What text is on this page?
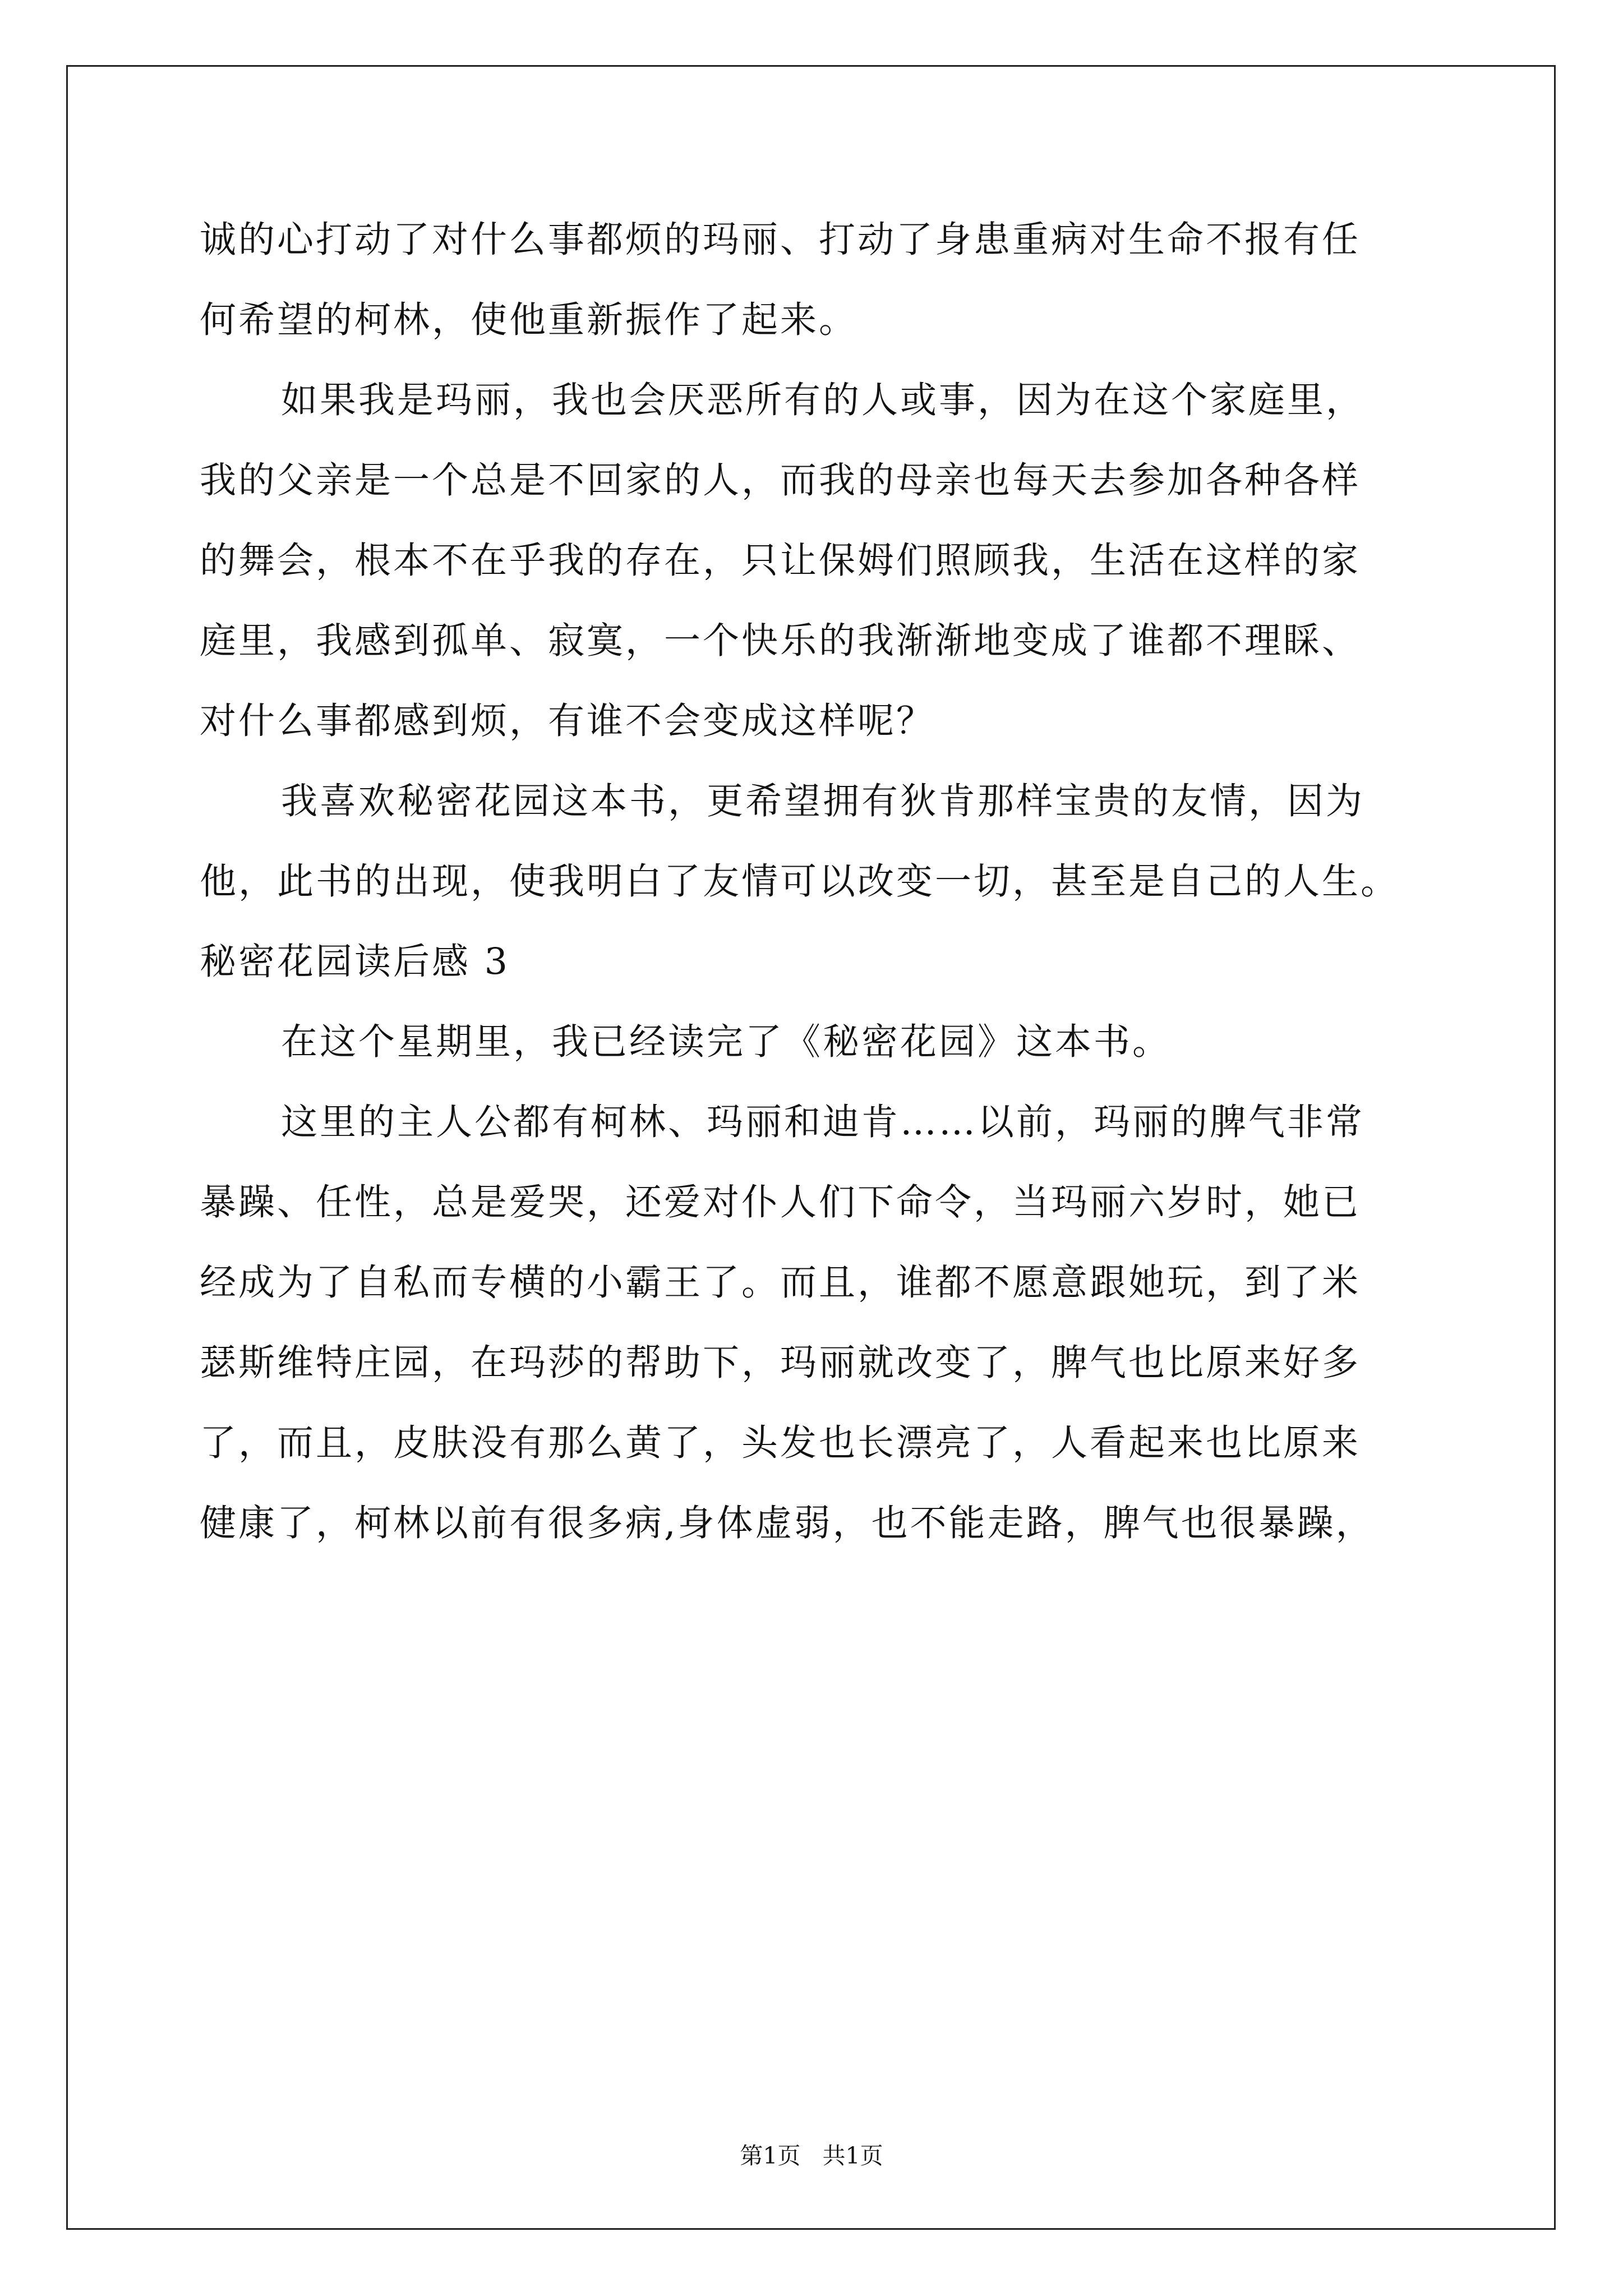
诚的心打动了对什么事都烦的玛丽、打动了身患重病对生命不报有任
何希望的柯林，使他重新振作了起来。
如果我是玛丽，我也会厌恶所有的人或事，因为在这个家庭里，
我的父亲是一个总是不回家的人，而我的母亲也每天去参加各种各样
的舞会，根本不在乎我的存在，只让保姆们照顾我，生活在这样的家
庭里，我感到孤单、寂寞，一个快乐的我渐渐地变成了谁都不理睬、
对什么事都感到烦，有谁不会变成这样呢？
我喜欢秘密花园这本书，更希望拥有狄肯那样宝贵的友情，因为
他，此书的出现，使我明白了友情可以改变一切，甚至是自己的人生。
秘密花园读后感 3
在这个星期里，我已经读完了《秘密花园》这本书。
这里的主人公都有柯林、玛丽和迪肯……以前，玛丽的脾气非常
暴躁、任性，总是爱哭，还爱对仆人们下命令，当玛丽六岁时，她已
经成为了自私而专横的小霸王了。而且，谁都不愿意跟她玩，到了米
瑟斯维特庄园，在玛莎的帮助下，玛丽就改变了，脾气也比原来好多
了，而且，皮肤没有那么黄了，头发也长漂亮了，人看起来也比原来
健康了，柯林以前有很多病,身体虚弱，也不能走路，脾气也很暴躁，
第1页   共1页
